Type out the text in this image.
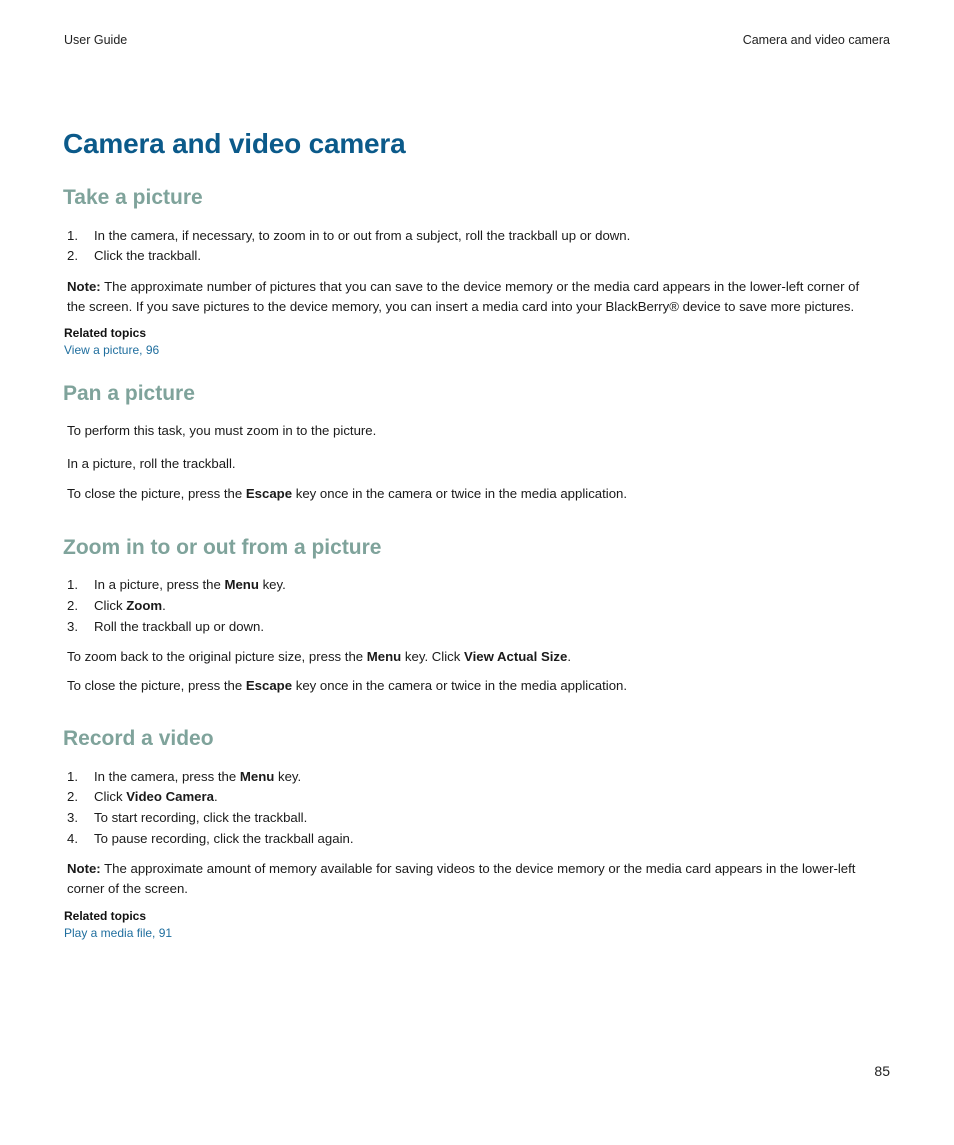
User Guide	Camera and video camera
Camera and video camera
Take a picture

1. In the camera, if necessary, to zoom in to or out from a subject, roll the trackball up or down.

2. Click the trackball.

Note: The approximate number of pictures that you can save to the device memory or the media card appears in the lower-left corner of
the screen. If you save pictures to the device memory, you can insert a media card into your BlackBerry® device to save more pictures.

Related topics
View a picture, 96
Pan a picture

To perform this task, you must zoom in to the picture.

In a picture, roll the trackball.

To close the picture, press the Escape key once in the camera or twice in the media application.

Zoom in to or out from a picture

1. In a picture, press the Menu key.

2. Click Zoom.

3. Roll the trackball up or down.

To zoom back to the original picture size, press the Menu key. Click View Actual Size.

To close the picture, press the Escape key once in the camera or twice in the media application.

Record a video

1. In the camera, press the Menu key.

2. Click Video Camera.

3. To start recording, click the trackball.

4. To pause recording, click the trackball again.

Note: The approximate amount of memory available for saving videos to the device memory or the media card appears in the lower-left
corner of the screen.

Related topics
Play a media file, 91
85
